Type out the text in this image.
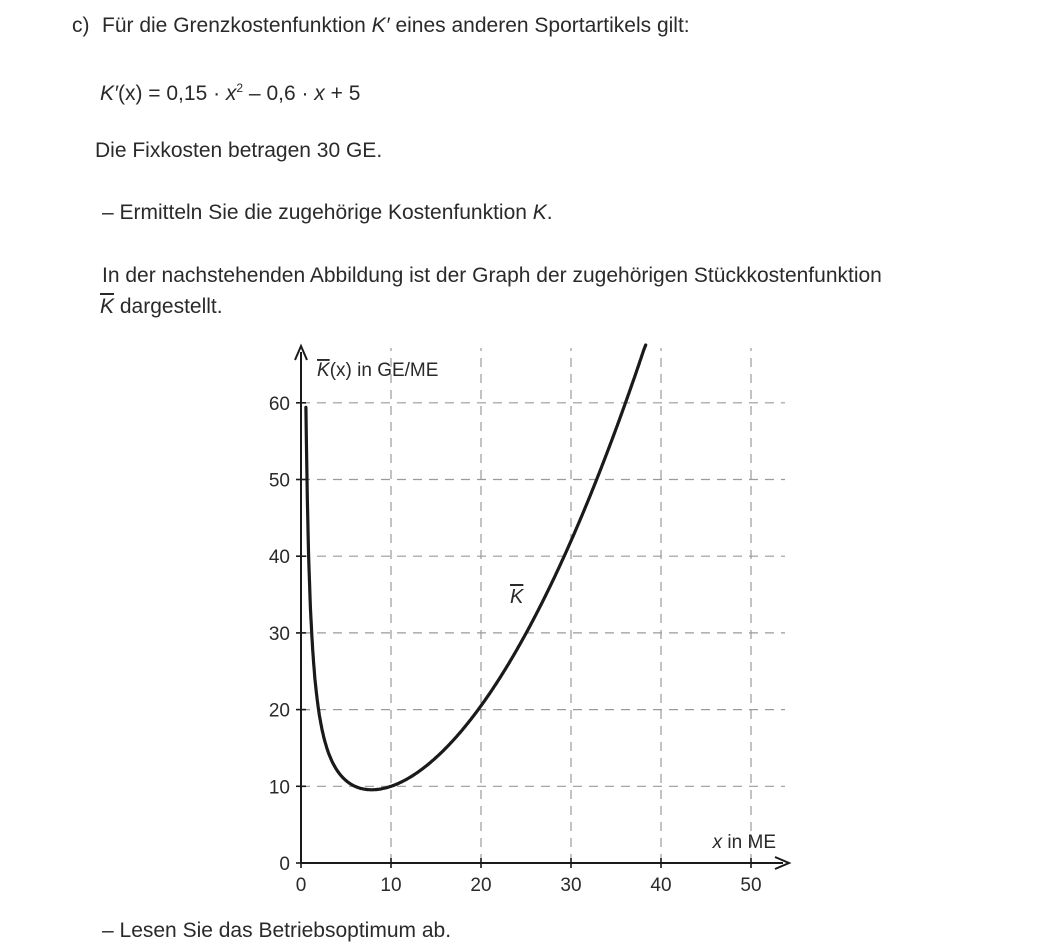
c) Für die Grenzkostenfunktion K′ eines anderen Sportartikels gilt:
$K'(x) = 0,15 \cdot x^2 - 0,6 \cdot x + 5$
Die Fixkosten betragen 30 GE.
– Ermitteln Sie die zugehörige Kostenfunktion K.
In der nachstehenden Abbildung ist der Graph der zugehörigen Stückkostenfunktion
$\overline{K}$ dargestellt.
0
10
20
30
40
50
60
0	10	20	30	40	50
K(x) in GE/ME
x in ME
K
– Lesen Sie das Betriebsoptimum ab.
